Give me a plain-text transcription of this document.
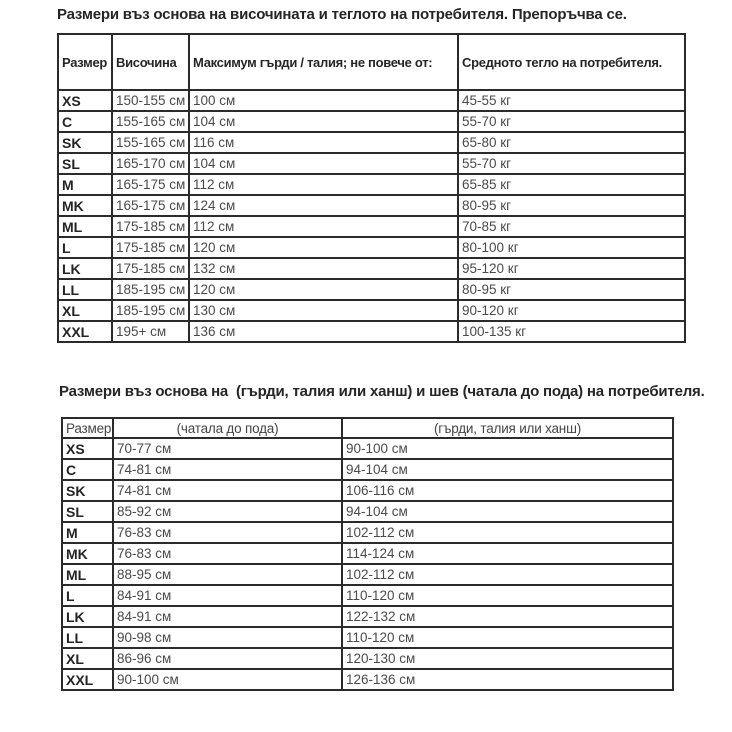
Размери въз основа на височината и теглото на потребителя. Препоръчва се.
Размер	Височина	Максимум гърди / талия; не повече от:	Средното тегло на потребителя.
XS	150-155 см	100 см	45-55 кг
C	155-165 см	104 см	55-70 кг
SK	155-165 см	116 см	65-80 кг
SL	165-170 см	104 см	55-70 кг
M	165-175 см	112 см	65-85 кг
MK	165-175 см	124 см	80-95 кг
ML	175-185 см	112 см	70-85 кг
L	175-185 см	120 см	80-100 кг
LK	175-185 см	132 см	95-120 кг
LL	185-195 см	120 см	80-95 кг
XL	185-195 см	130 см	90-120 кг
XXL	195+ см	136 см	100-135 кг
Размери въз основа на  (гърди, талия или ханш) и шев (чатала до пода) на потребителя.
Размер	(чатала до пода)	(гърди, талия или ханш)
XS	70-77 см	90-100 см
C	74-81 см	94-104 см
SK	74-81 см	106-116 см
SL	85-92 см	94-104 см
M	76-83 см	102-112 см
MK	76-83 см	114-124 см
ML	88-95 см	102-112 см
L	84-91 см	110-120 см
LK	84-91 см	122-132 см
LL	90-98 см	110-120 см
XL	86-96 см	120-130 см
XXL	90-100 см	126-136 см
